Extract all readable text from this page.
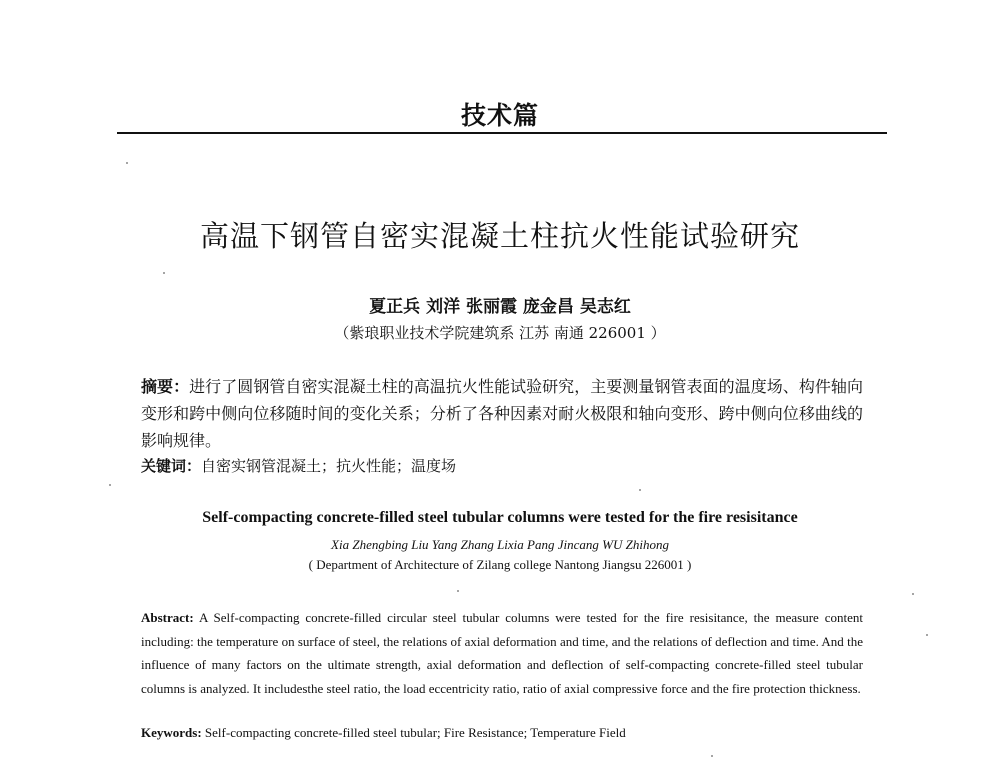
技术篇
高温下钢管自密实混凝土柱抗火性能试验研究
夏正兵 刘洋 张丽霞 庞金昌 吴志红
（紫琅职业技术学院建筑系 江苏 南通 226001 ）
摘要：进行了圆钢管自密实混凝土柱的高温抗火性能试验研究，主要测量钢管表面的温度场、构件轴向变形和跨中侧向位移随时间的变化关系；分析了各种因素对耐火极限和轴向变形、跨中侧向位移曲线的影响规律。
关键词：自密实钢管混凝土；抗火性能；温度场
Self-compacting concrete-filled steel tubular columns were tested for the fire resisitance
Xia Zhengbing Liu Yang Zhang Lixia Pang Jincang WU Zhihong
( Department of Architecture of Zilang college Nantong Jiangsu 226001 )
Abstract: A Self-compacting concrete-filled circular steel tubular columns were tested for the fire resisitance, the measure content including: the temperature on surface of steel, the relations of axial deformation and time, and the relations of deflection and time. And the influence of many factors on the ultimate strength, axial deformation and deflection of self-compacting concrete-filled steel tubular columns is analyzed. It includesthe steel ratio, the load eccentricity ratio, ratio of axial compressive force and the fire protection thickness.
Keywords: Self-compacting concrete-filled steel tubular; Fire Resistance; Temperature Field
